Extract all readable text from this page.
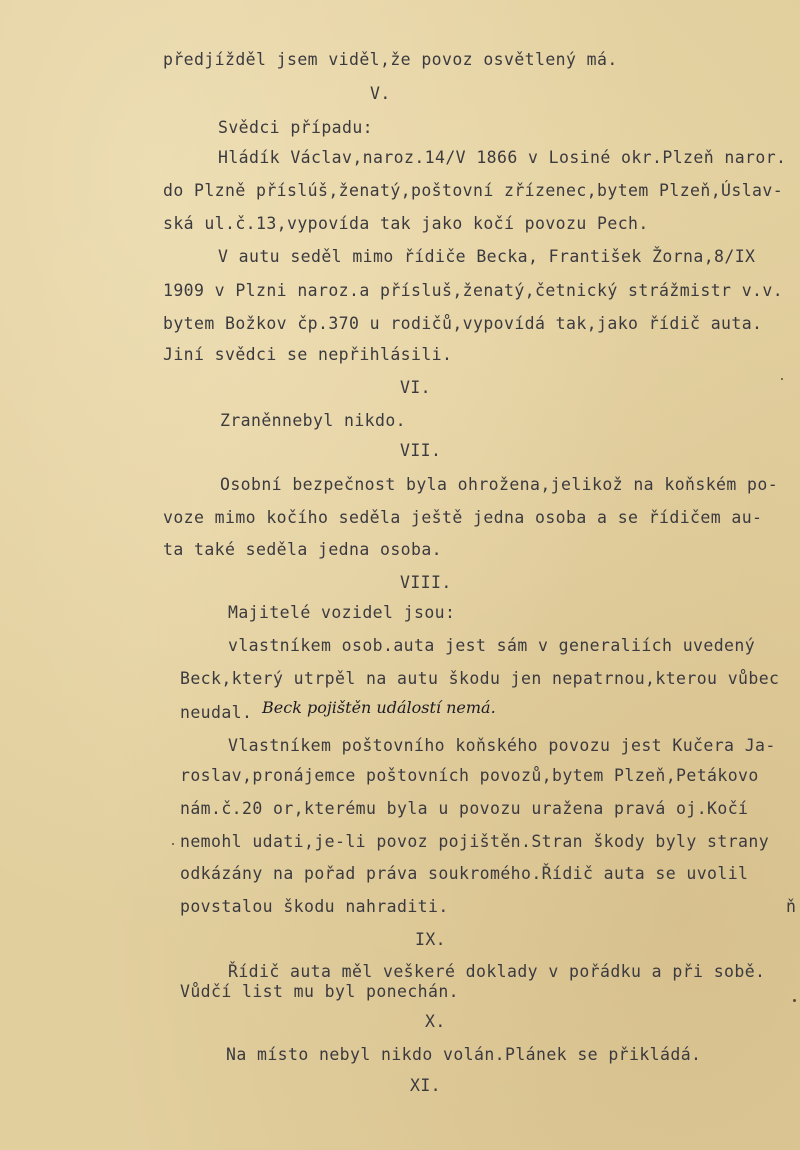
předjížděl jsem viděl,že povoz osvětlený má.
V.
Svědci případu:
Hládík Václav,naroz.14/V 1866 v Losiné okr.Plzeň naror.
do Plzně příslúš,ženatý,poštovní zřízenec,bytem Plzeň,Úslav-
ská ul.č.13,vypovída tak jako kočí povozu Pech.
V autu seděl mimo řídiče Becka, František Žorna,8/IX
1909 v Plzni naroz.a přísluš,ženatý,četnický strážmistr v.v.
bytem Božkov čp.370 u rodičů,vypovídá tak,jako řídič auta.
Jiní svědci se nepřihlásili.
VI.
Zraněnnebyl nikdo.
VII.
Osobní bezpečnost byla ohrožena,jelikož na koňském po-
voze mimo kočího seděla ještě jedna osoba a se řídičem au-
ta také seděla jedna osoba.
VIII.
Majitelé vozidel jsou:
vlastníkem osob.auta jest sám v generaliích uvedený
Beck,který utrpěl na autu škodu jen nepatrnou,kterou vůbec
neudal. Beck pojištěn událostí nemá.
Vlastníkem poštovního koňského povozu jest Kučera Ja-
roslav,pronájemce poštovních povozů,bytem Plzeň,Petákovo
nám.č.20 or,kterému byla u povozu uražena pravá oj.Kočí
nemohl udati,je-li povoz pojištěn.Stran škody byly strany
odkázány na pořad práva soukromého.Řídič auta se uvolil
povstalou škodu nahraditi.	ň
IX.
Řídič auta měl veškeré doklady v pořádku a při sobě.
Vůdčí list mu byl ponechán.
X.
Na místo nebyl nikdo volán.Plánek se přikládá.
XI.
